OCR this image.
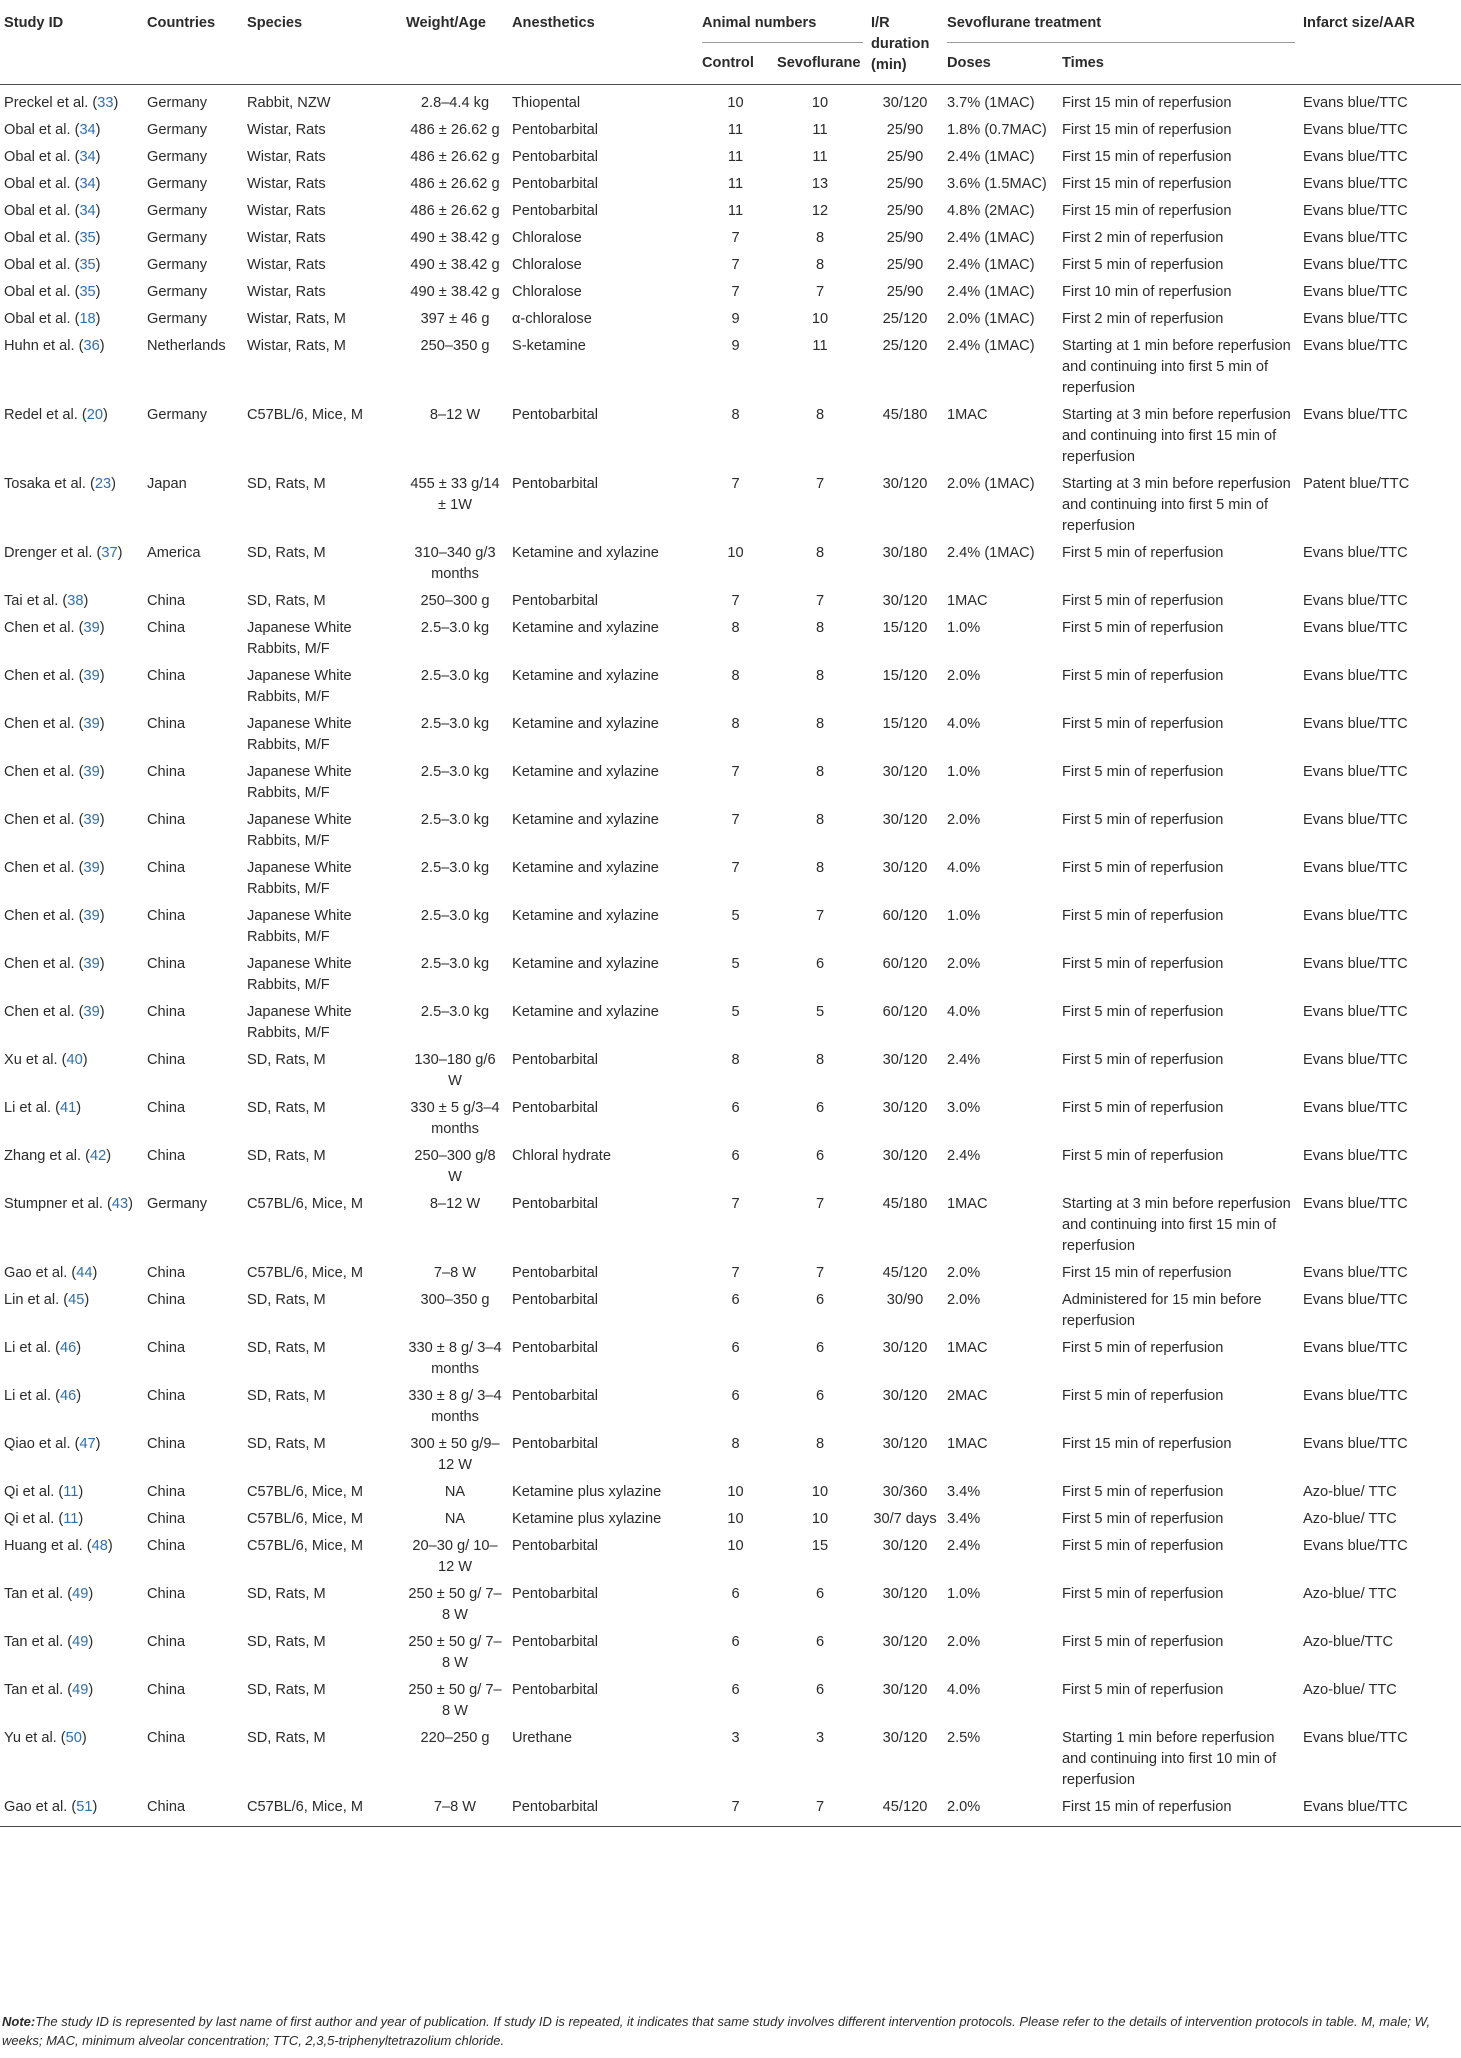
Study ID	Countries	Species	Weight/Age	Anesthetics	Animal numbers		I/R duration (min)	Sevoflurane treatment		Infarct size/AAR
					Control	Sevoflurane		Doses	Times	
Preckel et al. (33)	Germany	Rabbit, NZW	2.8–4.4 kg	Thiopental	10	10	30/120	3.7% (1MAC)	First 15 min of reperfusion	Evans blue/TTC
Obal et al. (34)	Germany	Wistar, Rats	486 ± 26.62 g	Pentobarbital	11	11	25/90	1.8% (0.7MAC)	First 15 min of reperfusion	Evans blue/TTC
Obal et al. (34)	Germany	Wistar, Rats	486 ± 26.62 g	Pentobarbital	11	11	25/90	2.4% (1MAC)	First 15 min of reperfusion	Evans blue/TTC
Obal et al. (34)	Germany	Wistar, Rats	486 ± 26.62 g	Pentobarbital	11	13	25/90	3.6% (1.5MAC)	First 15 min of reperfusion	Evans blue/TTC
Obal et al. (34)	Germany	Wistar, Rats	486 ± 26.62 g	Pentobarbital	11	12	25/90	4.8% (2MAC)	First 15 min of reperfusion	Evans blue/TTC
Obal et al. (35)	Germany	Wistar, Rats	490 ± 38.42 g	Chloralose	7	8	25/90	2.4% (1MAC)	First 2 min of reperfusion	Evans blue/TTC
Obal et al. (35)	Germany	Wistar, Rats	490 ± 38.42 g	Chloralose	7	8	25/90	2.4% (1MAC)	First 5 min of reperfusion	Evans blue/TTC
Obal et al. (35)	Germany	Wistar, Rats	490 ± 38.42 g	Chloralose	7	7	25/90	2.4% (1MAC)	First 10 min of reperfusion	Evans blue/TTC
Obal et al. (18)	Germany	Wistar, Rats, M	397 ± 46 g	α-chloralose	9	10	25/120	2.0% (1MAC)	First 2 min of reperfusion	Evans blue/TTC
Huhn et al. (36)	Netherlands	Wistar, Rats, M	250–350 g	S-ketamine	9	11	25/120	2.4% (1MAC)	Starting at 1 min before reperfusion and continuing into first 5 min of reperfusion	Evans blue/TTC
Redel et al. (20)	Germany	C57BL/6, Mice, M	8–12 W	Pentobarbital	8	8	45/180	1MAC	Starting at 3 min before reperfusion and continuing into first 15 min of reperfusion	Evans blue/TTC
Tosaka et al. (23)	Japan	SD, Rats, M	455 ± 33 g/14 ± 1W	Pentobarbital	7	7	30/120	2.0% (1MAC)	Starting at 3 min before reperfusion and continuing into first 5 min of reperfusion	Patent blue/TTC
Drenger et al. (37)	America	SD, Rats, M	310–340 g/3 months	Ketamine and xylazine	10	8	30/180	2.4% (1MAC)	First 5 min of reperfusion	Evans blue/TTC
Tai et al. (38)	China	SD, Rats, M	250–300 g	Pentobarbital	7	7	30/120	1MAC	First 5 min of reperfusion	Evans blue/TTC
Chen et al. (39)	China	Japanese White Rabbits, M/F	2.5–3.0 kg	Ketamine and xylazine	8	8	15/120	1.0%	First 5 min of reperfusion	Evans blue/TTC
Chen et al. (39)	China	Japanese White Rabbits, M/F	2.5–3.0 kg	Ketamine and xylazine	8	8	15/120	2.0%	First 5 min of reperfusion	Evans blue/TTC
Chen et al. (39)	China	Japanese White Rabbits, M/F	2.5–3.0 kg	Ketamine and xylazine	8	8	15/120	4.0%	First 5 min of reperfusion	Evans blue/TTC
Chen et al. (39)	China	Japanese White Rabbits, M/F	2.5–3.0 kg	Ketamine and xylazine	7	8	30/120	1.0%	First 5 min of reperfusion	Evans blue/TTC
Chen et al. (39)	China	Japanese White Rabbits, M/F	2.5–3.0 kg	Ketamine and xylazine	7	8	30/120	2.0%	First 5 min of reperfusion	Evans blue/TTC
Chen et al. (39)	China	Japanese White Rabbits, M/F	2.5–3.0 kg	Ketamine and xylazine	7	8	30/120	4.0%	First 5 min of reperfusion	Evans blue/TTC
Chen et al. (39)	China	Japanese White Rabbits, M/F	2.5–3.0 kg	Ketamine and xylazine	5	7	60/120	1.0%	First 5 min of reperfusion	Evans blue/TTC
Chen et al. (39)	China	Japanese White Rabbits, M/F	2.5–3.0 kg	Ketamine and xylazine	5	6	60/120	2.0%	First 5 min of reperfusion	Evans blue/TTC
Chen et al. (39)	China	Japanese White Rabbits, M/F	2.5–3.0 kg	Ketamine and xylazine	5	5	60/120	4.0%	First 5 min of reperfusion	Evans blue/TTC
Xu et al. (40)	China	SD, Rats, M	130–180 g/6 W	Pentobarbital	8	8	30/120	2.4%	First 5 min of reperfusion	Evans blue/TTC
Li et al. (41)	China	SD, Rats, M	330 ± 5 g/3–4 months	Pentobarbital	6	6	30/120	3.0%	First 5 min of reperfusion	Evans blue/TTC
Zhang et al. (42)	China	SD, Rats, M	250–300 g/8 W	Chloral hydrate	6	6	30/120	2.4%	First 5 min of reperfusion	Evans blue/TTC
Stumpner et al. (43)	Germany	C57BL/6, Mice, M	8–12 W	Pentobarbital	7	7	45/180	1MAC	Starting at 3 min before reperfusion and continuing into first 15 min of reperfusion	Evans blue/TTC
Gao et al. (44)	China	C57BL/6, Mice, M	7–8 W	Pentobarbital	7	7	45/120	2.0%	First 15 min of reperfusion	Evans blue/TTC
Lin et al. (45)	China	SD, Rats, M	300–350 g	Pentobarbital	6	6	30/90	2.0%	Administered for 15 min before reperfusion	Evans blue/TTC
Li et al. (46)	China	SD, Rats, M	330 ± 8 g/ 3–4 months	Pentobarbital	6	6	30/120	1MAC	First 5 min of reperfusion	Evans blue/TTC
Li et al. (46)	China	SD, Rats, M	330 ± 8 g/ 3–4 months	Pentobarbital	6	6	30/120	2MAC	First 5 min of reperfusion	Evans blue/TTC
Qiao et al. (47)	China	SD, Rats, M	300 ± 50 g/9–12 W	Pentobarbital	8	8	30/120	1MAC	First 15 min of reperfusion	Evans blue/TTC
Qi et al. (11)	China	C57BL/6, Mice, M	NA	Ketamine plus xylazine	10	10	30/360	3.4%	First 5 min of reperfusion	Azo-blue/ TTC
Qi et al. (11)	China	C57BL/6, Mice, M	NA	Ketamine plus xylazine	10	10	30/7 days	3.4%	First 5 min of reperfusion	Azo-blue/ TTC
Huang et al. (48)	China	C57BL/6, Mice, M	20–30 g/ 10–12 W	Pentobarbital	10	15	30/120	2.4%	First 5 min of reperfusion	Evans blue/TTC
Tan et al. (49)	China	SD, Rats, M	250 ± 50 g/ 7–8 W	Pentobarbital	6	6	30/120	1.0%	First 5 min of reperfusion	Azo-blue/ TTC
Tan et al. (49)	China	SD, Rats, M	250 ± 50 g/ 7–8 W	Pentobarbital	6	6	30/120	2.0%	First 5 min of reperfusion	Azo-blue/TTC
Tan et al. (49)	China	SD, Rats, M	250 ± 50 g/ 7–8 W	Pentobarbital	6	6	30/120	4.0%	First 5 min of reperfusion	Azo-blue/ TTC
Yu et al. (50)	China	SD, Rats, M	220–250 g	Urethane	3	3	30/120	2.5%	Starting 1 min before reperfusion and continuing into first 10 min of reperfusion	Evans blue/TTC
Gao et al. (51)	China	C57BL/6, Mice, M	7–8 W	Pentobarbital	7	7	45/120	2.0%	First 15 min of reperfusion	Evans blue/TTC
Note:The study ID is represented by last name of first author and year of publication. If study ID is repeated, it indicates that same study involves different intervention protocols. Please refer to the details of intervention protocols in table. M, male; W, weeks; MAC, minimum alveolar concentration; TTC, 2,3,5-triphenyltetrazolium chloride.
